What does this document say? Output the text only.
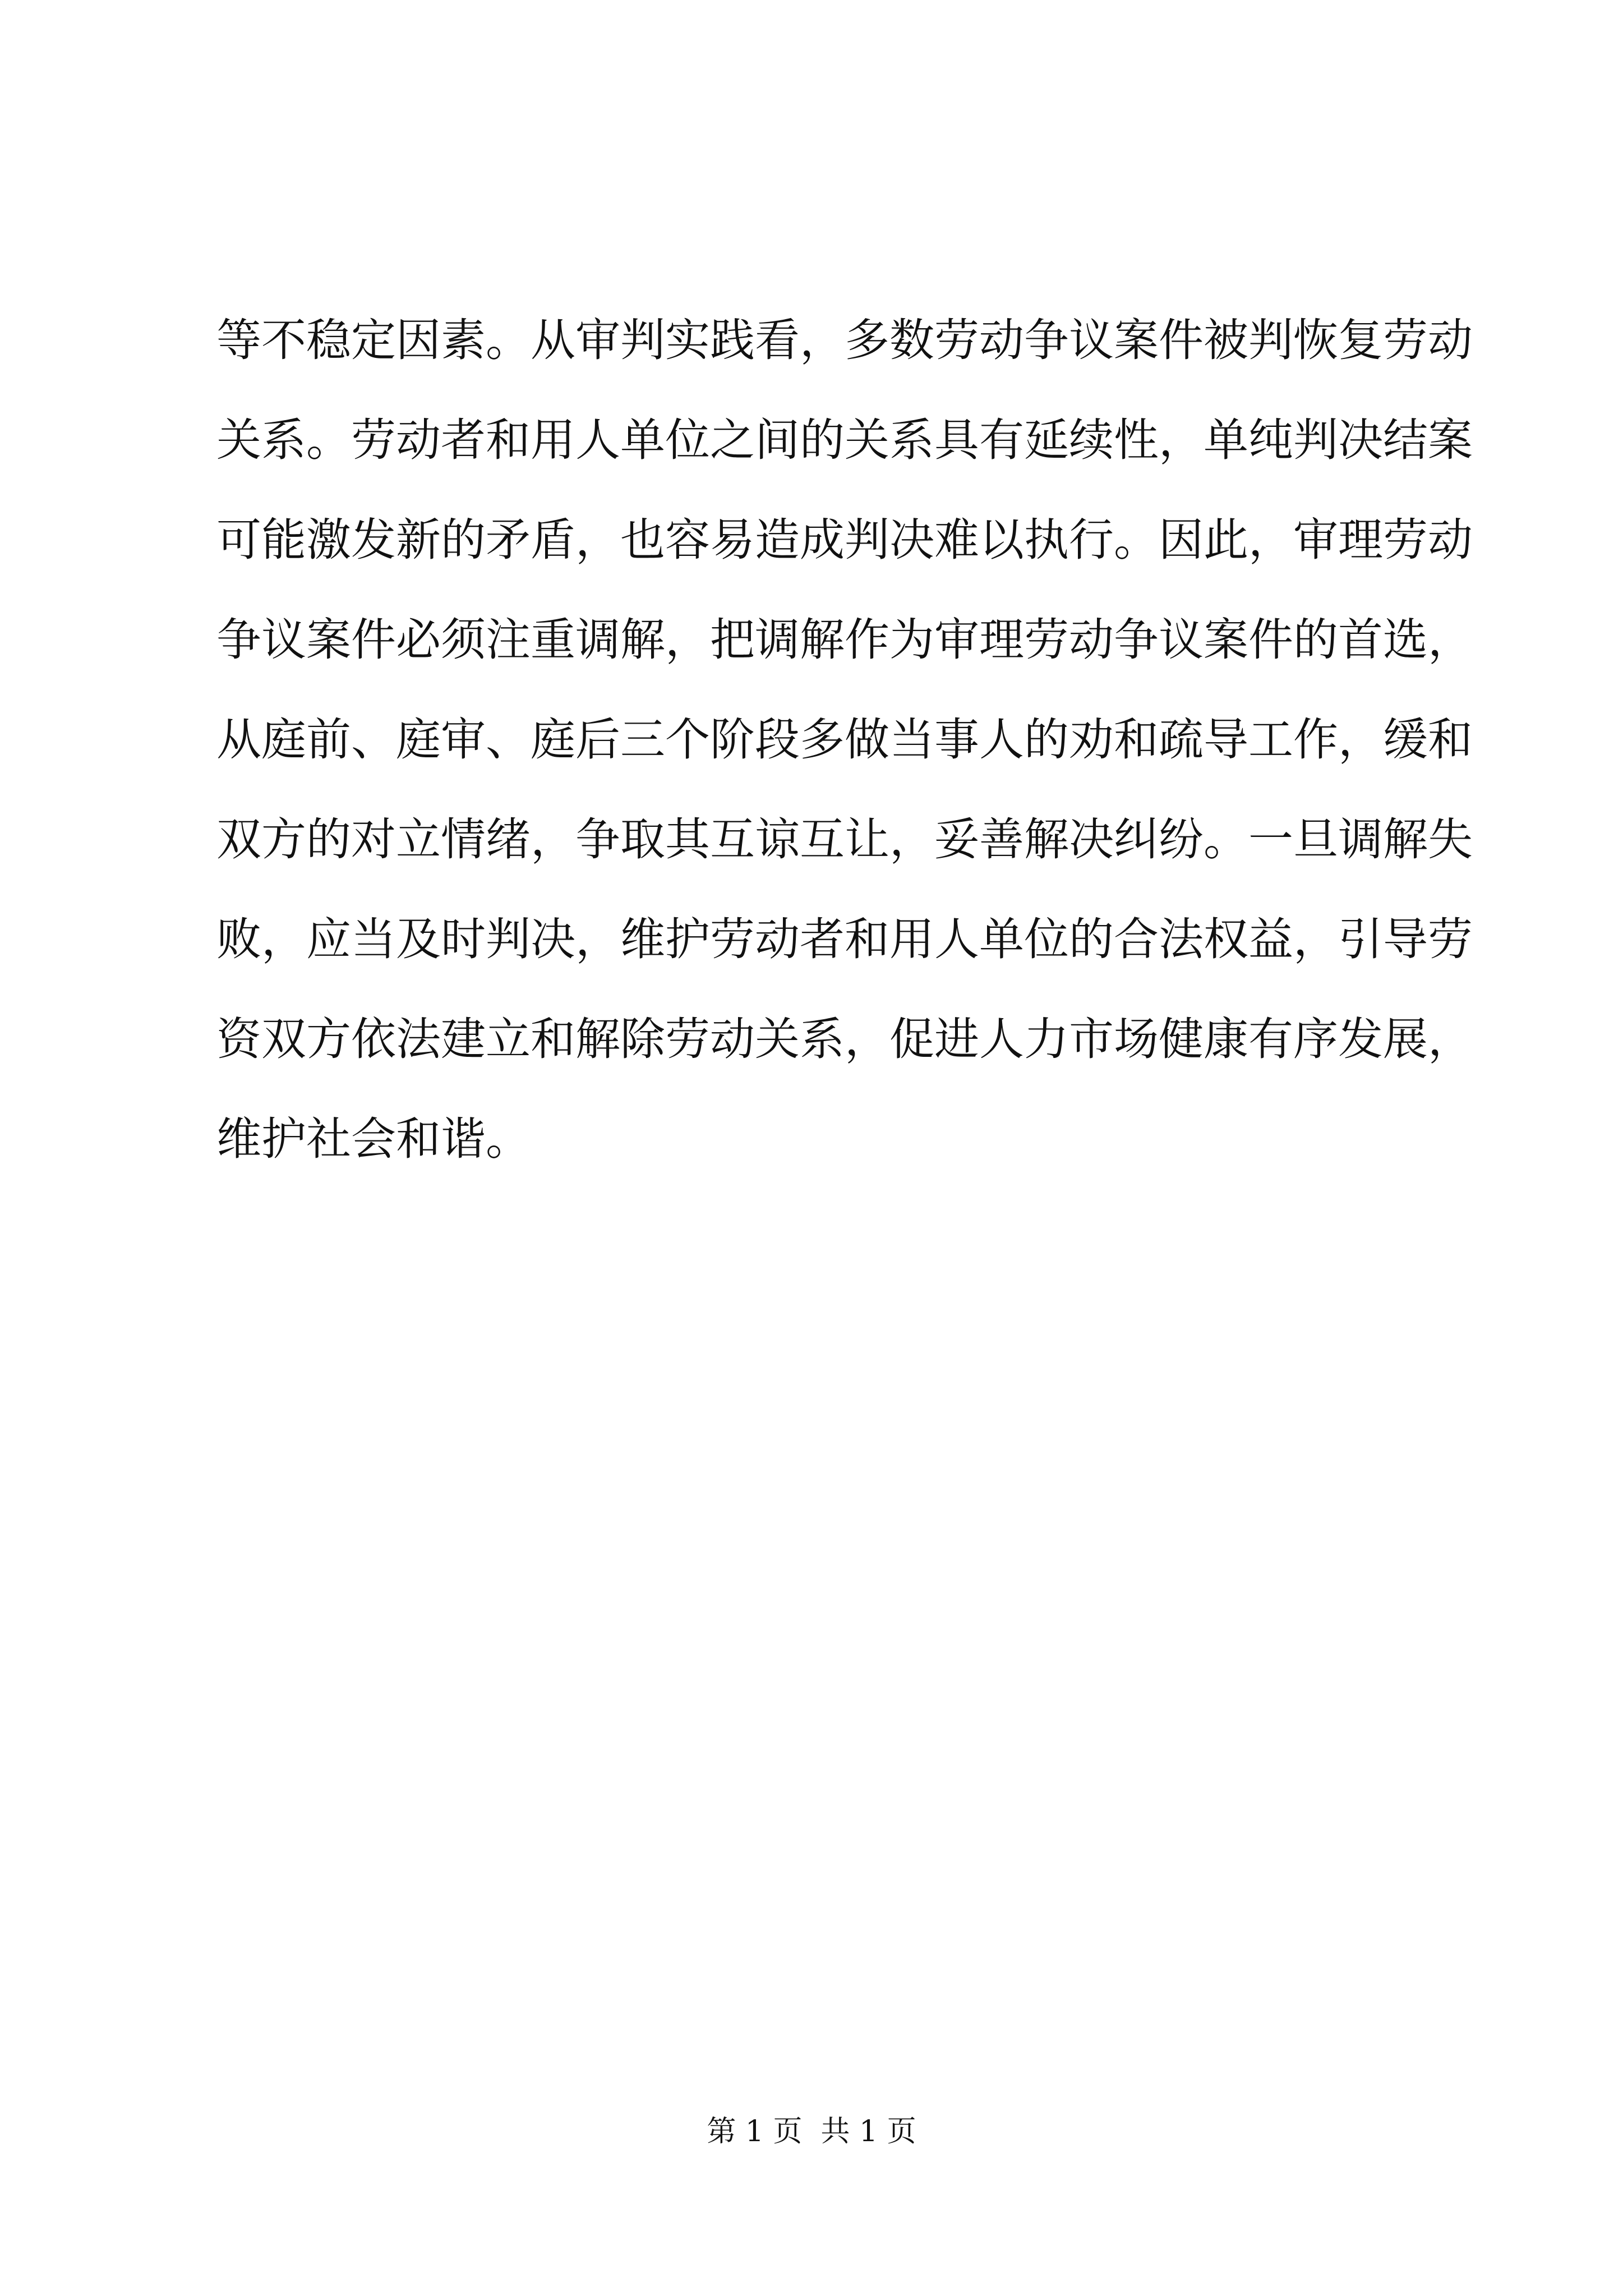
等不稳定因素。从审判实践看，多数劳动争议案件被判恢复劳动
关系。劳动者和用人单位之间的关系具有延续性，单纯判决结案
可能激发新的矛盾，也容易造成判决难以执行。因此，审理劳动
争议案件必须注重调解，把调解作为审理劳动争议案件的首选，
从庭前、庭审、庭后三个阶段多做当事人的劝和疏导工作，缓和
双方的对立情绪，争取其互谅互让，妥善解决纠纷。一旦调解失
败，应当及时判决，维护劳动者和用人单位的合法权益，引导劳
资双方依法建立和解除劳动关系，促进人力市场健康有序发展，
维护社会和谐。
第 1 页  共 1 页
